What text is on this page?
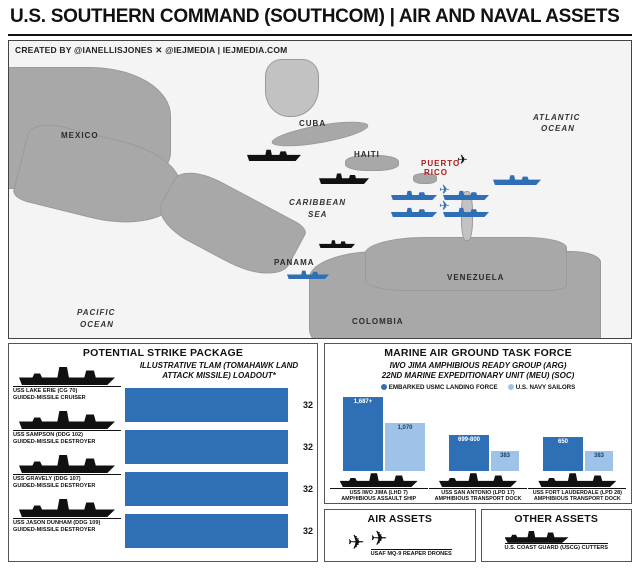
U.S. SOUTHERN COMMAND (SOUTHCOM) | AIR AND NAVAL ASSETS
CREATED BY @IANELLISJONES ✕ @IEJMEDIA | IEJMEDIA.COM
MEXICO
CUBA
HAITI
PUERTO
RICO
ATLANTIC
OCEAN
CARIBBEAN
SEA
PANAMA
VENEZUELA
COLOMBIA
PACIFIC
OCEAN
✈
✈
✈
POTENTIAL STRIKE PACKAGE
USS LAKE ERIE (CG 70)
GUIDED-MISSILE CRUISER
USS SAMPSON (DDG 102)
GUIDED-MISSILE DESTROYER
USS GRAVELY (DDG 107)
GUIDED-MISSILE DESTROYER
USS JASON DUNHAM (DDG 109)
GUIDED-MISSILE DESTROYER
ILLUSTRATIVE TLAM (TOMAHAWK LAND ATTACK MISSILE) LOADOUT*
32
32
32
32
MARINE AIR GROUND TASK FORCE
IWO JIMA AMPHIBIOUS READY GROUP (ARG)
22ND MARINE EXPEDITIONARY UNIT (MEU) (SOC)
EMBARKED USMC LANDING FORCE	U.S. NAVY SAILORS
1,687+
1,070
699-800
383
650
383
USS IWO JIMA (LHD 7)
AMPHIBIOUS ASSAULT SHIP
USS SAN ANTONIO (LPD 17)
AMPHIBIOUS TRANSPORT DOCK
USS FORT LAUDERDALE (LPD 28)
AMPHIBIOUS TRANSPORT DOCK
AIR ASSETS
✈ ✈
USAF MQ-9 REAPER DRONES
OTHER ASSETS
U.S. COAST GUARD (USCG) CUTTERS
